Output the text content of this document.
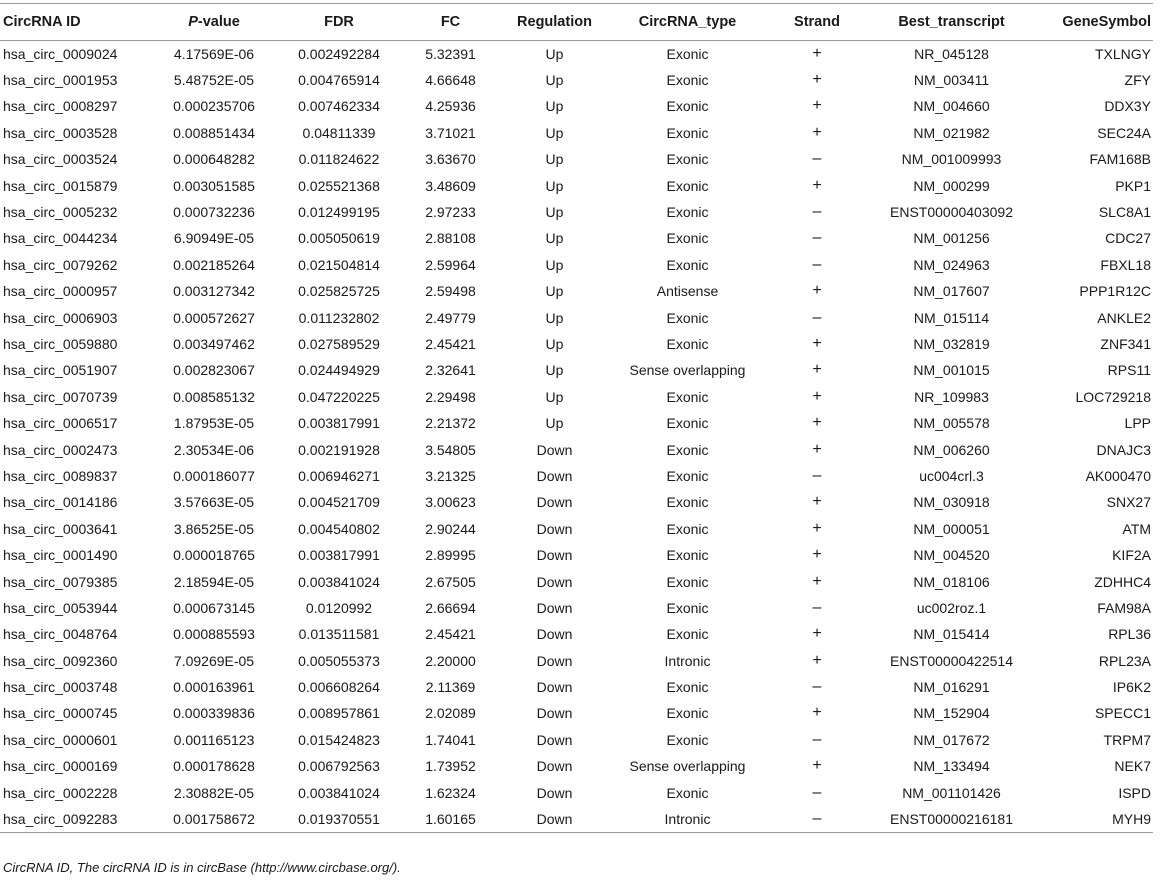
CircRNA ID	P-value	FDR	FC	Regulation	CircRNA_type	Strand	Best_transcript	GeneSymbol
hsa_circ_0009024	4.17569E-06	0.002492284	5.32391	Up	Exonic	+	NR_045128	TXLNGY
hsa_circ_0001953	5.48752E-05	0.004765914	4.66648	Up	Exonic	+	NM_003411	ZFY
hsa_circ_0008297	0.000235706	0.007462334	4.25936	Up	Exonic	+	NM_004660	DDX3Y
hsa_circ_0003528	0.008851434	0.04811339	3.71021	Up	Exonic	+	NM_021982	SEC24A
hsa_circ_0003524	0.000648282	0.011824622	3.63670	Up	Exonic	–	NM_001009993	FAM168B
hsa_circ_0015879	0.003051585	0.025521368	3.48609	Up	Exonic	+	NM_000299	PKP1
hsa_circ_0005232	0.000732236	0.012499195	2.97233	Up	Exonic	–	ENST00000403092	SLC8A1
hsa_circ_0044234	6.90949E-05	0.005050619	2.88108	Up	Exonic	–	NM_001256	CDC27
hsa_circ_0079262	0.002185264	0.021504814	2.59964	Up	Exonic	–	NM_024963	FBXL18
hsa_circ_0000957	0.003127342	0.025825725	2.59498	Up	Antisense	+	NM_017607	PPP1R12C
hsa_circ_0006903	0.000572627	0.011232802	2.49779	Up	Exonic	–	NM_015114	ANKLE2
hsa_circ_0059880	0.003497462	0.027589529	2.45421	Up	Exonic	+	NM_032819	ZNF341
hsa_circ_0051907	0.002823067	0.024494929	2.32641	Up	Sense overlapping	+	NM_001015	RPS11
hsa_circ_0070739	0.008585132	0.047220225	2.29498	Up	Exonic	+	NR_109983	LOC729218
hsa_circ_0006517	1.87953E-05	0.003817991	2.21372	Up	Exonic	+	NM_005578	LPP
hsa_circ_0002473	2.30534E-06	0.002191928	3.54805	Down	Exonic	+	NM_006260	DNAJC3
hsa_circ_0089837	0.000186077	0.006946271	3.21325	Down	Exonic	–	uc004crl.3	AK000470
hsa_circ_0014186	3.57663E-05	0.004521709	3.00623	Down	Exonic	+	NM_030918	SNX27
hsa_circ_0003641	3.86525E-05	0.004540802	2.90244	Down	Exonic	+	NM_000051	ATM
hsa_circ_0001490	0.000018765	0.003817991	2.89995	Down	Exonic	+	NM_004520	KIF2A
hsa_circ_0079385	2.18594E-05	0.003841024	2.67505	Down	Exonic	+	NM_018106	ZDHHC4
hsa_circ_0053944	0.000673145	0.0120992	2.66694	Down	Exonic	–	uc002roz.1	FAM98A
hsa_circ_0048764	0.000885593	0.013511581	2.45421	Down	Exonic	+	NM_015414	RPL36
hsa_circ_0092360	7.09269E-05	0.005055373	2.20000	Down	Intronic	+	ENST00000422514	RPL23A
hsa_circ_0003748	0.000163961	0.006608264	2.11369	Down	Exonic	–	NM_016291	IP6K2
hsa_circ_0000745	0.000339836	0.008957861	2.02089	Down	Exonic	+	NM_152904	SPECC1
hsa_circ_0000601	0.001165123	0.015424823	1.74041	Down	Exonic	–	NM_017672	TRPM7
hsa_circ_0000169	0.000178628	0.006792563	1.73952	Down	Sense overlapping	+	NM_133494	NEK7
hsa_circ_0002228	2.30882E-05	0.003841024	1.62324	Down	Exonic	–	NM_001101426	ISPD
hsa_circ_0092283	0.001758672	0.019370551	1.60165	Down	Intronic	–	ENST00000216181	MYH9
CircRNA ID, The circRNA ID is in circBase (http://www.circbase.org/).
